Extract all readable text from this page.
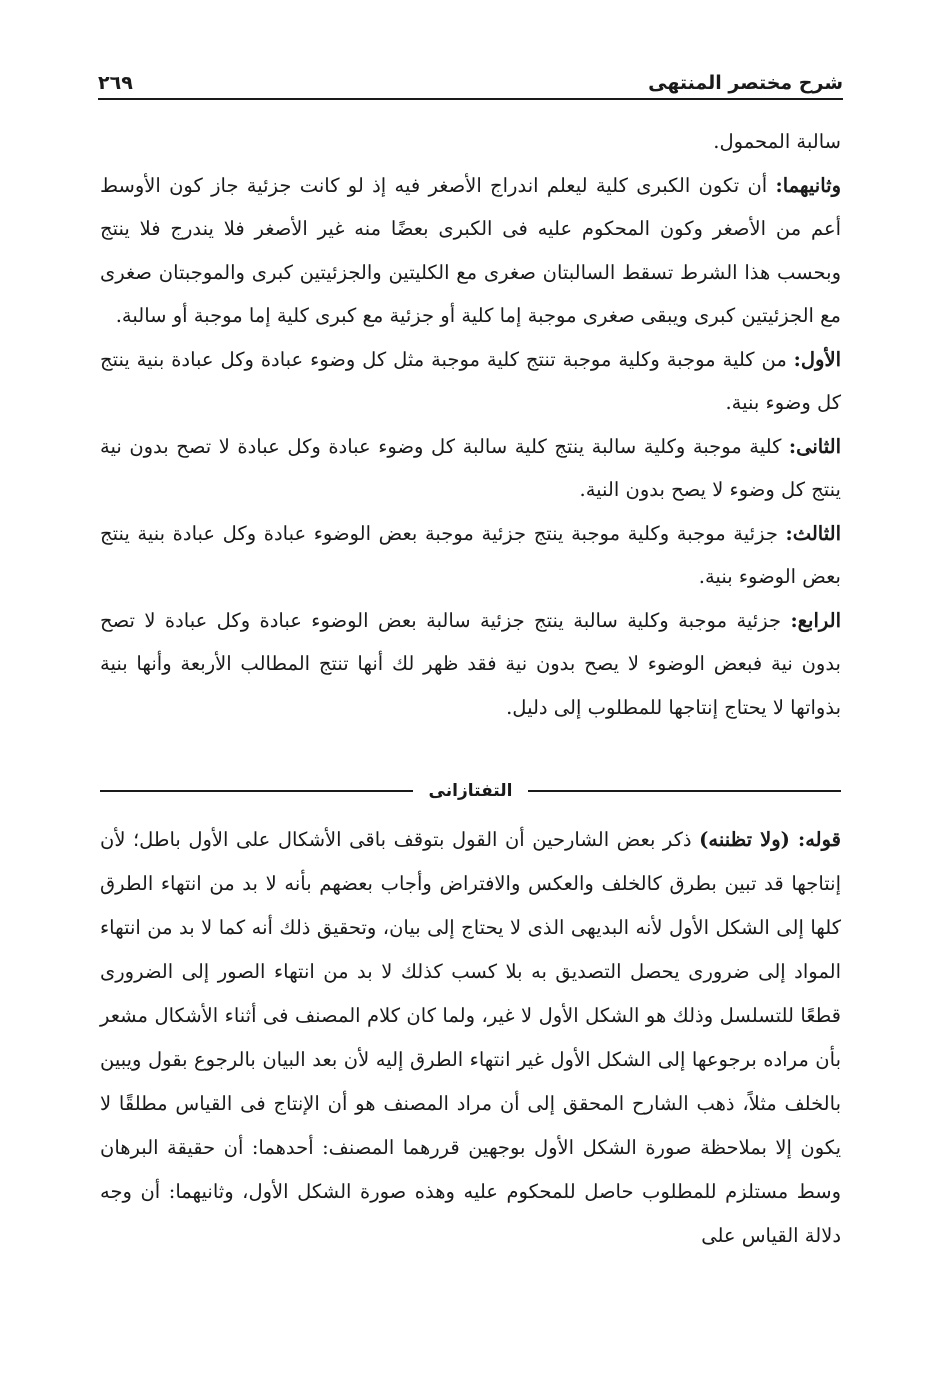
شرح مختصر المنتهى
٢٦٩

سالبة المحمول.

وثانيهما: أن تكون الكبرى كلية ليعلم اندراج الأصغر فيه إذ لو كانت جزئية جاز كون الأوسط أعم من الأصغر وكون المحكوم عليه فى الكبرى بعضًا منه غير الأصغر فلا يندرج فلا ينتج وبحسب هذا الشرط تسقط السالبتان صغرى مع الكليتين والجزئيتين كبرى والموجبتان صغرى مع الجزئيتين كبرى ويبقى صغرى موجبة إما كلية أو جزئية مع كبرى كلية إما موجبة أو سالبة.

الأول: من كلية موجبة وكلية موجبة تنتج كلية موجبة مثل كل وضوء عبادة وكل عبادة بنية ينتج كل وضوء بنية.

الثانى: كلية موجبة وكلية سالبة ينتج كلية سالبة كل وضوء عبادة وكل عبادة لا تصح بدون نية ينتج كل وضوء لا يصح بدون النية.

الثالث: جزئية موجبة وكلية موجبة ينتج جزئية موجبة بعض الوضوء عبادة وكل عبادة بنية ينتج بعض الوضوء بنية.

الرابع: جزئية موجبة وكلية سالبة ينتج جزئية سالبة بعض الوضوء عبادة وكل عبادة لا تصح بدون نية فبعض الوضوء لا يصح بدون نية فقد ظهر لك أنها تنتج المطالب الأربعة وأنها بنية بذواتها لا يحتاج إنتاجها للمطلوب إلى دليل.

التفتازانى

قوله: (ولا تظننه) ذكر بعض الشارحين أن القول بتوقف باقى الأشكال على الأول باطل؛ لأن إنتاجها قد تبين بطرق كالخلف والعكس والافتراض وأجاب بعضهم بأنه لا بد من انتهاء الطرق كلها إلى الشكل الأول لأنه البديهى الذى لا يحتاج إلى بيان، وتحقيق ذلك أنه كما لا بد من انتهاء المواد إلى ضرورى يحصل التصديق به بلا كسب كذلك لا بد من انتهاء الصور إلى الضرورى قطعًا للتسلسل وذلك هو الشكل الأول لا غير، ولما كان كلام المصنف فى أثناء الأشكال مشعر بأن مراده برجوعها إلى الشكل الأول غير انتهاء الطرق إليه لأن بعد البيان بالرجوع بقول ويبين بالخلف مثلاً، ذهب الشارح المحقق إلى أن مراد المصنف هو أن الإنتاج فى القياس مطلقًا لا يكون إلا بملاحظة صورة الشكل الأول بوجهين قررهما المصنف: أحدهما: أن حقيقة البرهان وسط مستلزم للمطلوب حاصل للمحكوم عليه وهذه صورة الشكل الأول، وثانيهما: أن وجه دلالة القياس على
